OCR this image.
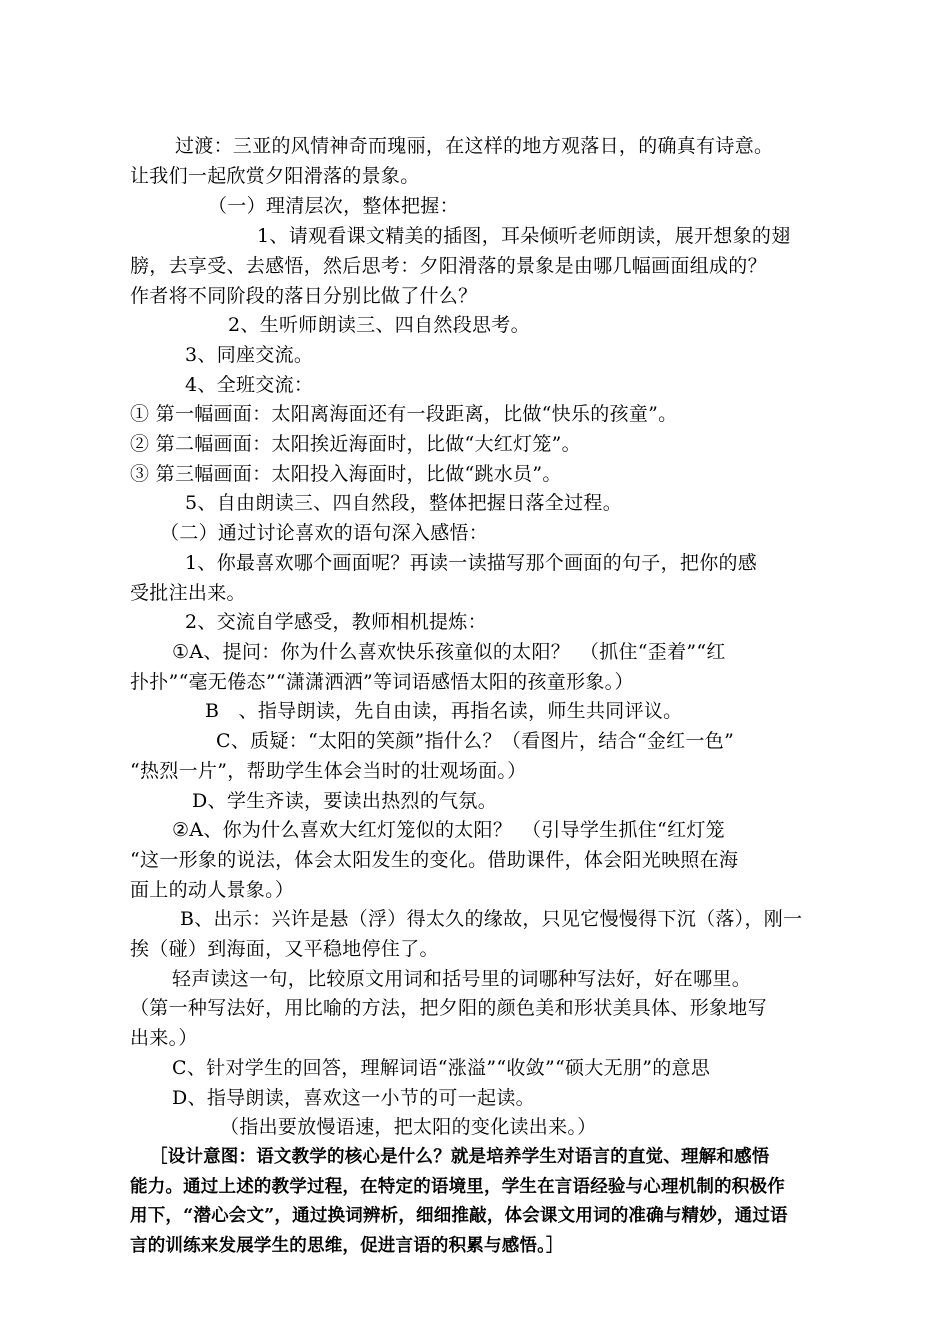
过渡：三亚的风情神奇而瑰丽，在这样的地方观落日，的确真有诗意。
让我们一起欣赏夕阳滑落的景象。
（一）理清层次，整体把握：
1、请观看课文精美的插图，耳朵倾听老师朗读，展开想象的翅
膀，去享受、去感悟，然后思考：夕阳滑落的景象是由哪几幅画面组成的？
作者将不同阶段的落日分别比做了什么？
2、生听师朗读三、四自然段思考。
3、同座交流。
4、全班交流：
① 第一幅画面：太阳离海面还有一段距离，比做“快乐的孩童”。
② 第二幅画面：太阳挨近海面时，比做“大红灯笼”。
③ 第三幅画面：太阳投入海面时，比做“跳水员”。
5、自由朗读三、四自然段，整体把握日落全过程。
（二）通过讨论喜欢的语句深入感悟：
1、你最喜欢哪个画面呢？再读一读描写那个画面的句子，把你的感
受批注出来。
2、交流自学感受，教师相机提炼：
①A、提问：你为什么喜欢快乐孩童似的太阳？　（抓住“歪着”“红
扑扑”“毫无倦态”“潇潇洒洒”等词语感悟太阳的孩童形象。）
B　、指导朗读，先自由读，再指名读，师生共同评议。
C、质疑：“太阳的笑颜”指什么？（看图片，结合“金红一色”
“热烈一片”，帮助学生体会当时的壮观场面。）
D、学生齐读，要读出热烈的气氛。
②A、你为什么喜欢大红灯笼似的太阳？　（引导学生抓住“红灯笼
“这一形象的说法，体会太阳发生的变化。借助课件，体会阳光映照在海
面上的动人景象。）
B、出示：兴许是悬（浮）得太久的缘故，只见它慢慢得下沉（落），刚一
挨（碰）到海面，又平稳地停住了。
轻声读这一句，比较原文用词和括号里的词哪种写法好，好在哪里。
（第一种写法好，用比喻的方法，把夕阳的颜色美和形状美具体、形象地写
出来。）
C、针对学生的回答，理解词语“涨溢”“收敛”“硕大无朋”的意思
D、指导朗读，喜欢这一小节的可一起读。
（指出要放慢语速，把太阳的变化读出来。）
［设计意图：语文教学的核心是什么？就是培养学生对语言的直觉、理解和感悟
能力。通过上述的教学过程，在特定的语境里，学生在言语经验与心理机制的积极作
用下，“潜心会文”，通过换词辨析，细细推敲，体会课文用词的准确与精妙，通过语
言的训练来发展学生的思维，促进言语的积累与感悟。］
